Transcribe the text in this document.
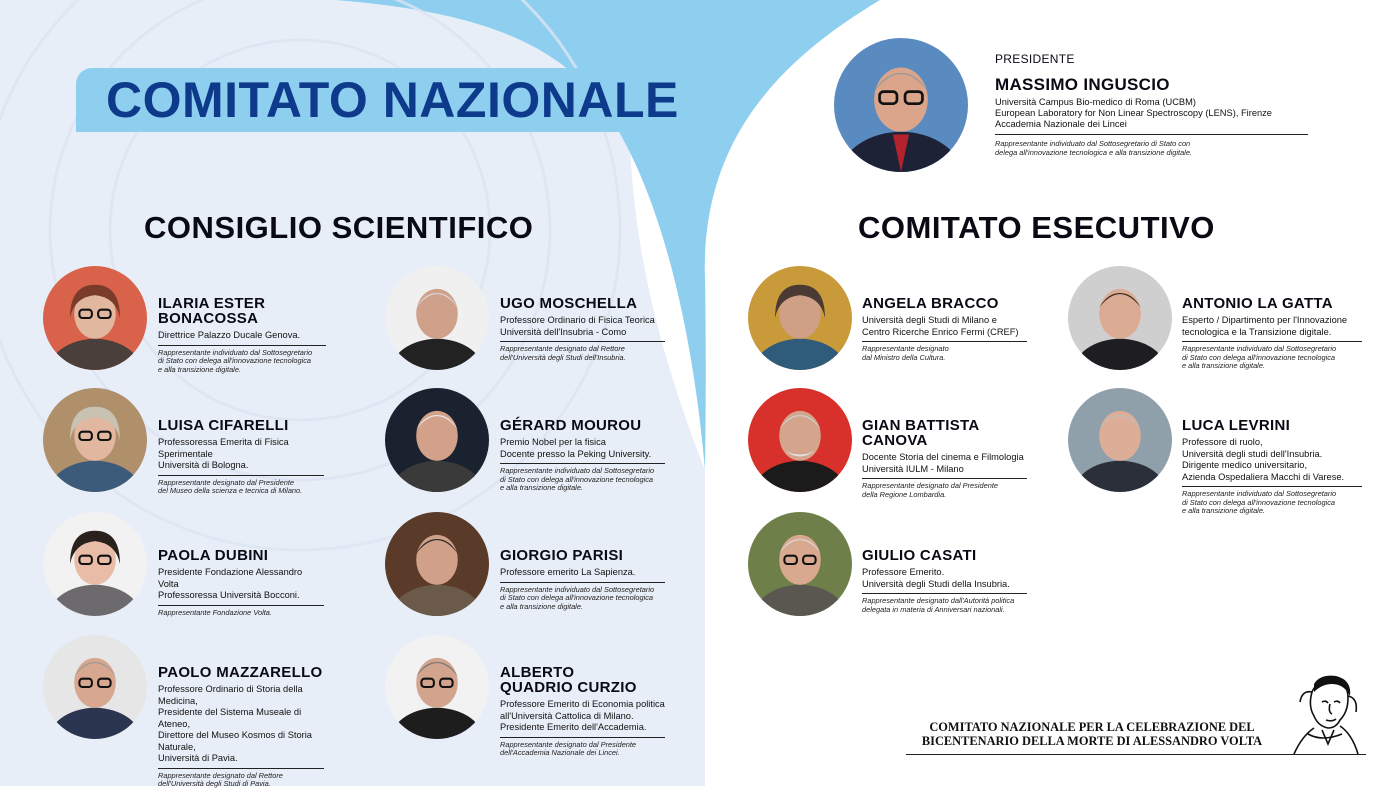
COMITATO NAZIONALE
PRESIDENTE
MASSIMO INGUSCIO
Università Campus Bio-medico di Roma (UCBM)
European Laboratory for Non Linear Spectroscopy (LENS), Firenze
Accademia Nazionale dei Lincei
Rappresentante individuato dal Sottosegretario di Stato con
delega all'innovazione tecnologica e alla transizione digitale.
CONSIGLIO SCIENTIFICO	COMITATO ESECUTIVO
ILARIA ESTER BONACOSSA
Direttrice Palazzo Ducale Genova.
Rappresentante individuato dal Sottosegretario
di Stato con delega all'innovazione tecnologica
e alla transizione digitale.
UGO MOSCHELLA
Professore Ordinario di Fisica Teorica
Università dell'Insubria - Como
Rappresentante designato dal Rettore
dell'Università degli Studi dell'Insubria.
LUISA CIFARELLI
Professoressa Emerita di Fisica Sperimentale
Università di Bologna.
Rappresentante designato dal Presidente
del Museo della scienza e tecnica di Milano.
GÉRARD MOUROU
Premio Nobel per la fisica
Docente presso la Peking University.
Rappresentante individuato dal Sottosegretario
di Stato con delega all'innovazione tecnologica
e alla transizione digitale.
PAOLA DUBINI
Presidente Fondazione Alessandro Volta
Professoressa Università Bocconi.
Rappresentante Fondazione Volta.
GIORGIO PARISI
Professore emerito La Sapienza.
Rappresentante individuato dal Sottosegretario
di Stato con delega all'innovazione tecnologica
e alla transizione digitale.
PAOLO MAZZARELLO
Professore Ordinario di Storia della Medicina,
Presidente del Sistema Museale di Ateneo,
Direttore del Museo Kosmos di Storia Naturale,
Università di Pavia.
Rappresentante designato dal Rettore
dell'Università degli Studi di Pavia.
ALBERTO QUADRIO CURZIO
Professore Emerito di Economia politica
all'Università Cattolica di Milano.
Presidente Emerito dell'Accademia.
Rappresentante designato dal Presidente
dell'Accademia Nazionale dei Lincei.
ANGELA BRACCO
Università degli Studi di Milano e
Centro Ricerche Enrico Fermi (CREF)
Rappresentante designato
dal Ministro della Cultura.
ANTONIO LA GATTA
Esperto / Dipartimento per l'Innovazione
tecnologica e la Transizione digitale.
Rappresentante individuato dal Sottosegretario
di Stato con delega all'innovazione tecnologica
e alla transizione digitale.
GIAN BATTISTA CANOVA
Docente Storia del cinema e Filmologia
Università IULM - Milano
Rappresentante designato dal Presidente
della Regione Lombardia.
LUCA LEVRINI
Professore di ruolo,
Università degli studi dell'Insubria.
Dirigente medico universitario,
Azienda Ospedaliera Macchi di Varese.
Rappresentante individuato dal Sottosegretario
di Stato con delega all'innovazione tecnologica
e alla transizione digitale.
GIULIO CASATI
Professore Emerito.
Università degli Studi della Insubria.
Rappresentante designato dall'Autorità politica
delegata in materia di Anniversari nazionali.
COMITATO NAZIONALE PER LA CELEBRAZIONE DEL
BICENTENARIO DELLA MORTE DI ALESSANDRO VOLTA
